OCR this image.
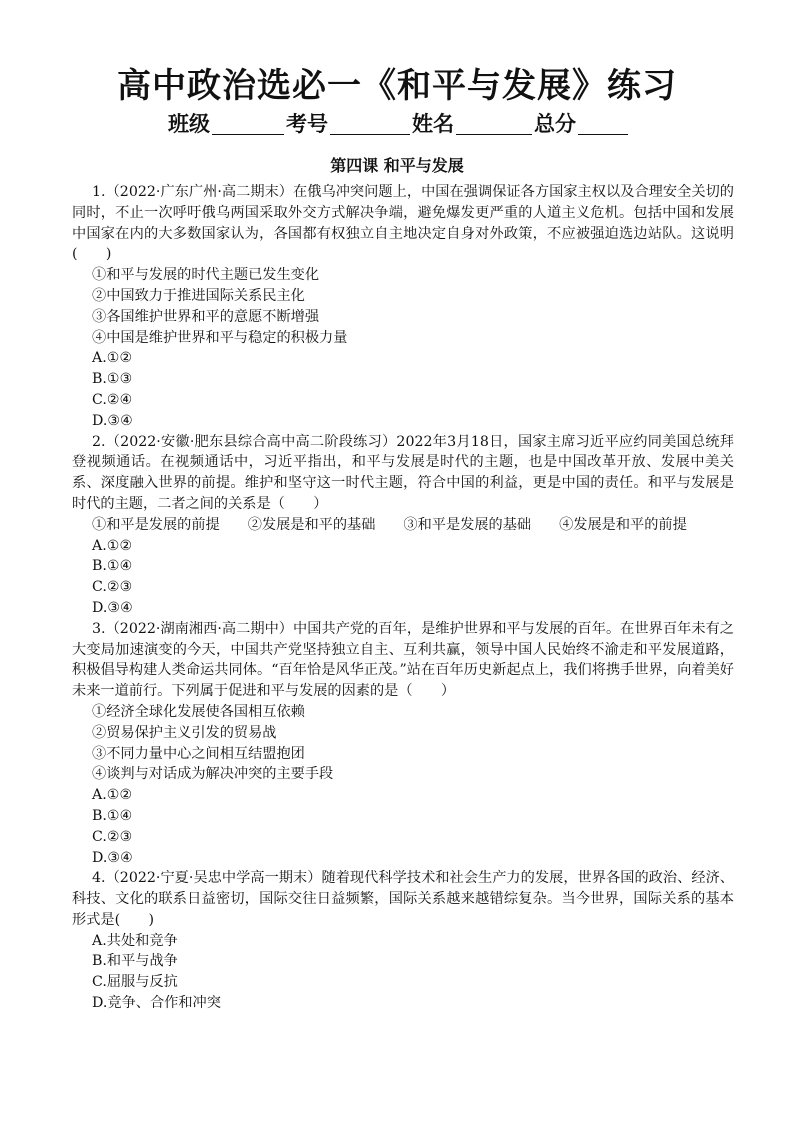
高中政治选必一《和平与发展》练习
班级	考号	姓名	总分
第四课 和平与发展

1.（2022·广东广州·高二期末）在俄乌冲突问题上，中国在强调保证各方国家主权以及合理安全关切的同时，不止一次呼吁俄乌两国采取外交方式解决争端，避免爆发更严重的人道主义危机。包括中国和发展中国家在内的大多数国家认为，各国都有权独立自主地决定自身对外政策，不应被强迫选边站队。这说明(　　)

①和平与发展的时代主题已发生变化

②中国致力于推进国际关系民主化

③各国维护世界和平的意愿不断增强

④中国是维护世界和平与稳定的积极力量

A.①②

B.①③

C.②④

D.③④

2.（2022·安徽·肥东县综合高中高二阶段练习）2022年3月18日，国家主席习近平应约同美国总统拜登视频通话。在视频通话中，习近平指出，和平与发展是时代的主题，也是中国改革开放、发展中美关系、深度融入世界的前提。维护和坚守这一时代主题，符合中国的利益，更是中国的责任。和平与发展是时代的主题，二者之间的关系是（　　）

①和平是发展的前提 ②发展是和平的基础 ③和平是发展的基础 ④发展是和平的前提

A.①②

B.①④

C.②③

D.③④

3.（2022·湖南湘西·高二期中）中国共产党的百年，是维护世界和平与发展的百年。在世界百年未有之大变局加速演变的今天，中国共产党坚持独立自主、互利共赢，领导中国人民始终不渝走和平发展道路，积极倡导构建人类命运共同体。“百年恰是风华正茂。”站在百年历史新起点上，我们将携手世界，向着美好未来一道前行。下列属于促进和平与发展的因素的是（　　）

①经济全球化发展使各国相互依赖

②贸易保护主义引发的贸易战

③不同力量中心之间相互结盟抱团

④谈判与对话成为解决冲突的主要手段

A.①②

B.①④

C.②③

D.③④

4.（2022·宁夏·吴忠中学高一期末）随着现代科学技术和社会生产力的发展，世界各国的政治、经济、科技、文化的联系日益密切，国际交往日益频繁，国际关系越来越错综复杂。当今世界，国际关系的基本形式是(　　)

A.共处和竞争

B.和平与战争

C.屈服与反抗

D.竞争、合作和冲突
